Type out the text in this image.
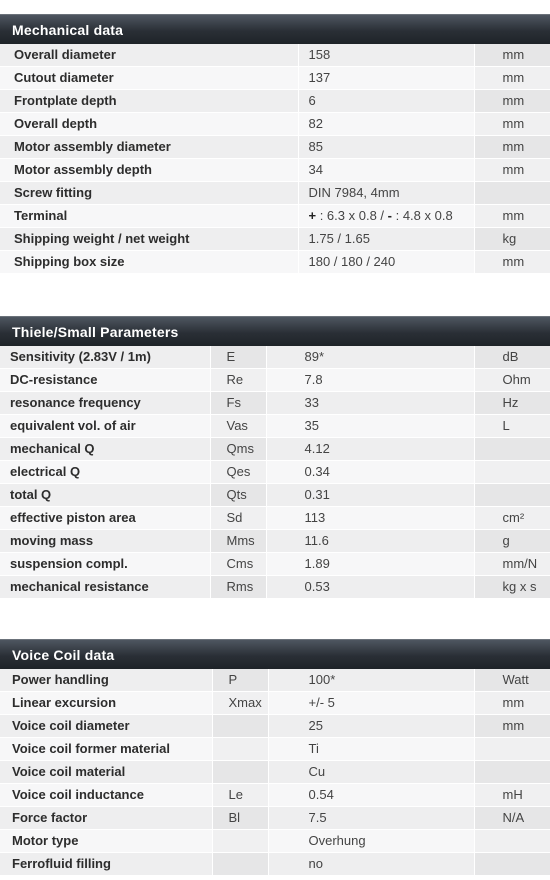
Mechanical data
Overall diameter	158	mm
Cutout diameter	137	mm
Frontplate depth	6	mm
Overall depth	82	mm
Motor assembly diameter	85	mm
Motor assembly depth	34	mm
Screw fitting	DIN 7984, 4mm	
Terminal	+ : 6.3 x 0.8 / - : 4.8 x 0.8	mm
Shipping weight / net weight	1.75 / 1.65	kg
Shipping box size	180 / 180 / 240	mm
Thiele/Small Parameters
Sensitivity (2.83V / 1m)	E	89*	dB
DC-resistance	Re	7.8	Ohm
resonance frequency	Fs	33	Hz
equivalent vol. of air	Vas	35	L
mechanical Q	Qms	4.12	
electrical Q	Qes	0.34	
total Q	Qts	0.31	
effective piston area	Sd	113	cm²
moving mass	Mms	11.6	g
suspension compl.	Cms	1.89	mm/N
mechanical resistance	Rms	0.53	kg x s
Voice Coil data
Power handling	P	100*	Watt
Linear excursion	Xmax	+/- 5	mm
Voice coil diameter		25	mm
Voice coil former material		Ti	
Voice coil material		Cu	
Voice coil inductance	Le	0.54	mH
Force factor	Bl	7.5	N/A
Motor type		Overhung	
Ferrofluid filling		no	
